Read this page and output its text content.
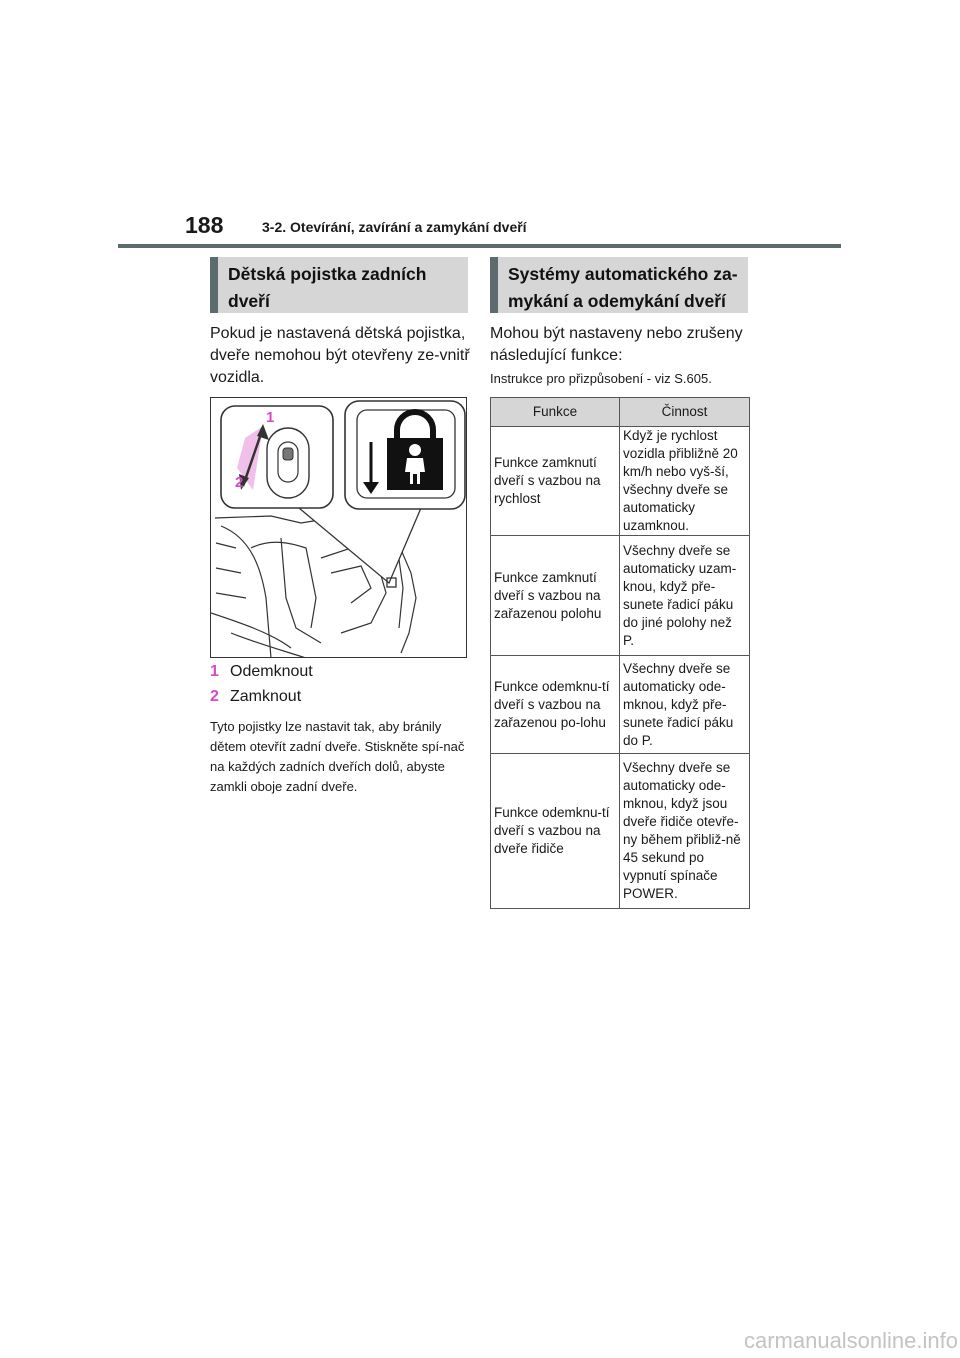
188	3-2. Otevírání, zavírání a zamykání dveří
Dětská pojistka zadních dveří
Pokud je nastavená dětská pojistka, dveře nemohou být otevřeny ze-vnitř vozidla.
1
2
1 Odemknout
2 Zamknout
Tyto pojistky lze nastavit tak, aby bránily dětem otevřít zadní dveře. Stiskněte spí-nač na každých zadních dveřích dolů, abyste zamkli oboje zadní dveře.
Systémy automatického za-mykání a odemykání dveří
Mohou být nastaveny nebo zrušeny následující funkce:
Instrukce pro přizpůsobení - viz S.605.
Funkce	Činnost
Funkce zamknutí dveří s vazbou na rychlost	Když je rychlost vozidla přibližně 20 km/h nebo vyš-ší, všechny dveře se automaticky uzamknou.
Funkce zamknutí dveří s vazbou na zařazenou polohu	Všechny dveře se automaticky uzam-knou, když pře-sunete řadicí páku do jiné polohy než P.
Funkce odemknu-tí dveří s vazbou na zařazenou po-lohu	Všechny dveře se automaticky ode-mknou, když pře-sunete řadicí páku do P.
Funkce odemknu-tí dveří s vazbou na dveře řidiče	Všechny dveře se automaticky ode-mknou, když jsou dveře řidiče otevře-ny během přibliž-ně 45 sekund po vypnutí spínače POWER.
carmanualsonline.info
